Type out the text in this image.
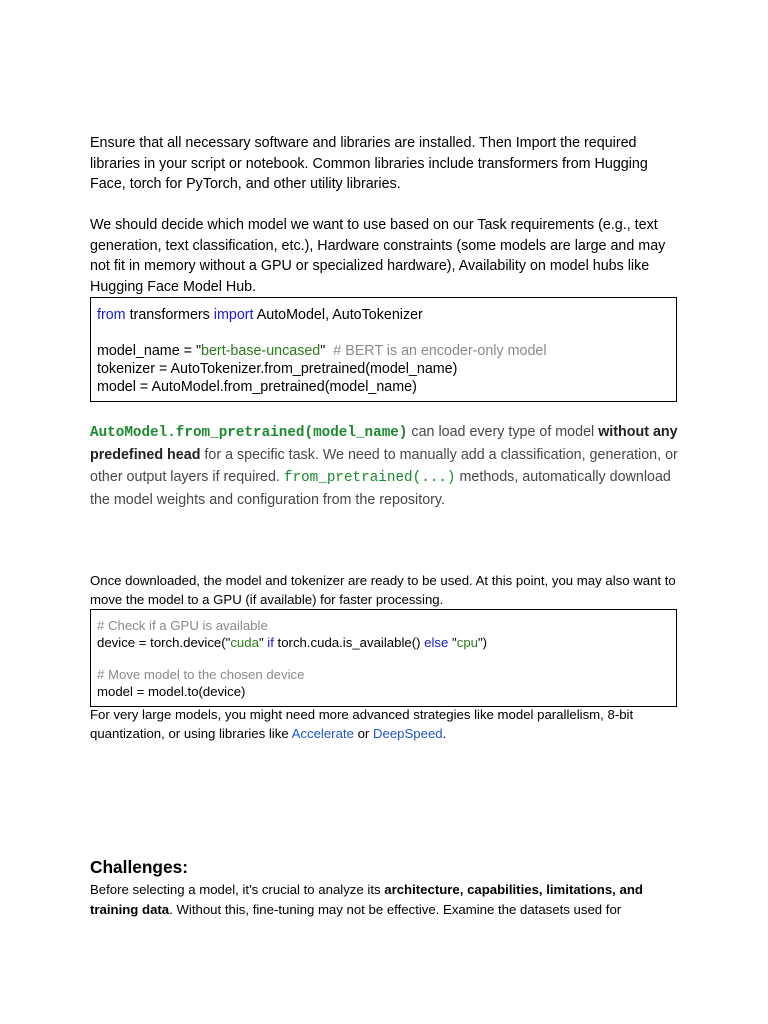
Ensure that all necessary software and libraries are installed. Then Import the required libraries in your script or notebook. Common libraries include transformers from Hugging Face, torch for PyTorch, and other utility libraries.

We should decide which model we want to use based on our Task requirements (e.g., text generation, text classification, etc.), Hardware constraints (some models are large and may not fit in memory without a GPU or specialized hardware), Availability on model hubs like Hugging Face Model Hub.

from transformers import AutoModel, AutoTokenizer
model_name = "bert-base-uncased"  # BERT is an encoder-only model
tokenizer = AutoTokenizer.from_pretrained(model_name)
model = AutoModel.from_pretrained(model_name)

AutoModel.from_pretrained(model_name) can load every type of model without any predefined head for a specific task. We need to manually add a classification, generation, or other output layers if required. from_pretrained(...) methods, automatically download the model weights and configuration from the repository.

Once downloaded, the model and tokenizer are ready to be used. At this point, you may also want to move the model to a GPU (if available) for faster processing.

# Check if a GPU is available
device = torch.device("cuda" if torch.cuda.is_available() else "cpu")
# Move model to the chosen device
model = model.to(device)

For very large models, you might need more advanced strategies like model parallelism, 8-bit quantization, or using libraries like Accelerate or DeepSpeed.

Challenges:

Before selecting a model, it's crucial to analyze its architecture, capabilities, limitations, and training data. Without this, fine-tuning may not be effective. Examine the datasets used for
